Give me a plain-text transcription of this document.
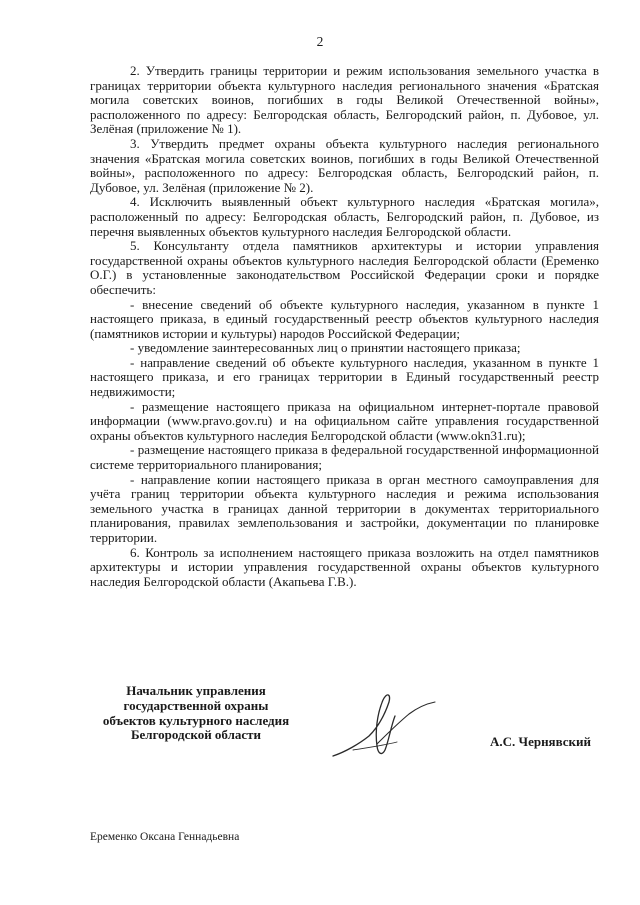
2

2. Утвердить границы территории и режим использования земельного участка в границах территории объекта культурного наследия регионального значения «Братская могила советских воинов, погибших в годы Великой Отечественной войны», расположенного по адресу: Белгородская область, Белгородский район, п. Дубовое, ул. Зелёная (приложение № 1).

3. Утвердить предмет охраны объекта культурного наследия регионального значения «Братская могила советских воинов, погибших в годы Великой Отечественной войны», расположенного по адресу: Белгородская область, Белгородский район, п. Дубовое, ул. Зелёная (приложение № 2).

4. Исключить выявленный объект культурного наследия «Братская могила», расположенный по адресу: Белгородская область, Белгородский район, п. Дубовое, из перечня выявленных объектов культурного наследия Белгородской области.

5. Консультанту отдела памятников архитектуры и истории управления государственной охраны объектов культурного наследия Белгородской области (Еременко О.Г.) в установленные законодательством Российской Федерации сроки и порядке обеспечить:

- внесение сведений об объекте культурного наследия, указанном в пункте 1 настоящего приказа, в единый государственный реестр объектов культурного наследия (памятников истории и культуры) народов Российской Федерации;

- уведомление заинтересованных лиц о принятии настоящего приказа;

- направление сведений об объекте культурного наследия, указанном в пункте 1 настоящего приказа, и его границах территории в Единый государственный реестр недвижимости;

- размещение настоящего приказа на официальном интернет-портале правовой информации (www.pravo.gov.ru) и на официальном сайте управления государственной охраны объектов культурного наследия Белгородской области (www.okn31.ru);

- размещение настоящего приказа в федеральной государственной информационной системе территориального планирования;

- направление копии настоящего приказа в орган местного самоуправления для учёта границ территории объекта культурного наследия и режима использования земельного участка в границах данной территории в документах территориального планирования, правилах землепользования и застройки, документации по планировке территории.

6. Контроль за исполнением настоящего приказа возложить на отдел памятников архитектуры и истории управления государственной охраны объектов культурного наследия Белгородской области (Акапьева Г.В.).

Начальник управления
государственной охраны
объектов культурного наследия
Белгородской области	А.С. Чернявский
Еременко Оксана Геннадьевна
